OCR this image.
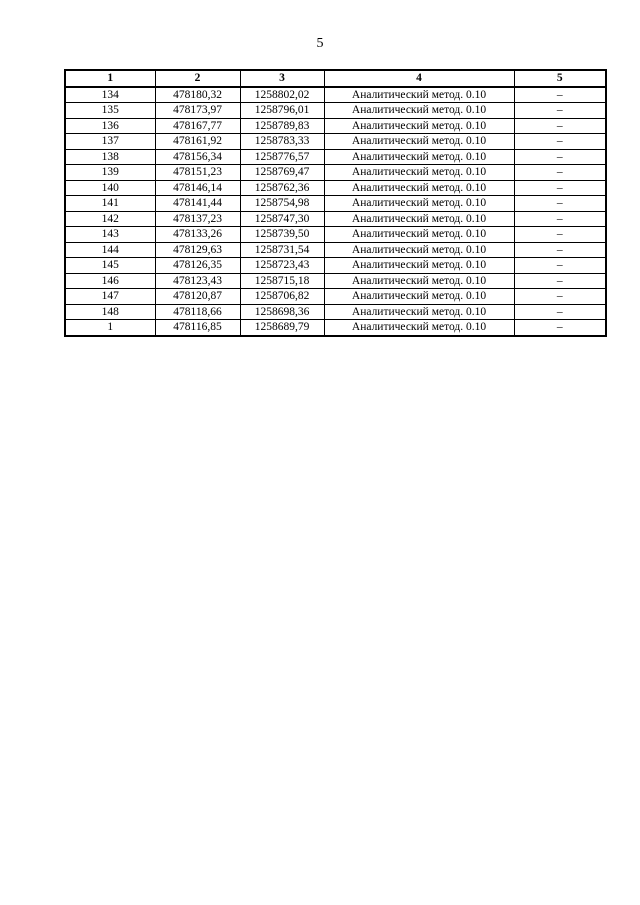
5
1	2	3	4	5
134	478180,32	1258802,02	Аналитический метод. 0.10	–
135	478173,97	1258796,01	Аналитический метод. 0.10	–
136	478167,77	1258789,83	Аналитический метод. 0.10	–
137	478161,92	1258783,33	Аналитический метод. 0.10	–
138	478156,34	1258776,57	Аналитический метод. 0.10	–
139	478151,23	1258769,47	Аналитический метод. 0.10	–
140	478146,14	1258762,36	Аналитический метод. 0.10	–
141	478141,44	1258754,98	Аналитический метод. 0.10	–
142	478137,23	1258747,30	Аналитический метод. 0.10	–
143	478133,26	1258739,50	Аналитический метод. 0.10	–
144	478129,63	1258731,54	Аналитический метод. 0.10	–
145	478126,35	1258723,43	Аналитический метод. 0.10	–
146	478123,43	1258715,18	Аналитический метод. 0.10	–
147	478120,87	1258706,82	Аналитический метод. 0.10	–
148	478118,66	1258698,36	Аналитический метод. 0.10	–
1	478116,85	1258689,79	Аналитический метод. 0.10	–
